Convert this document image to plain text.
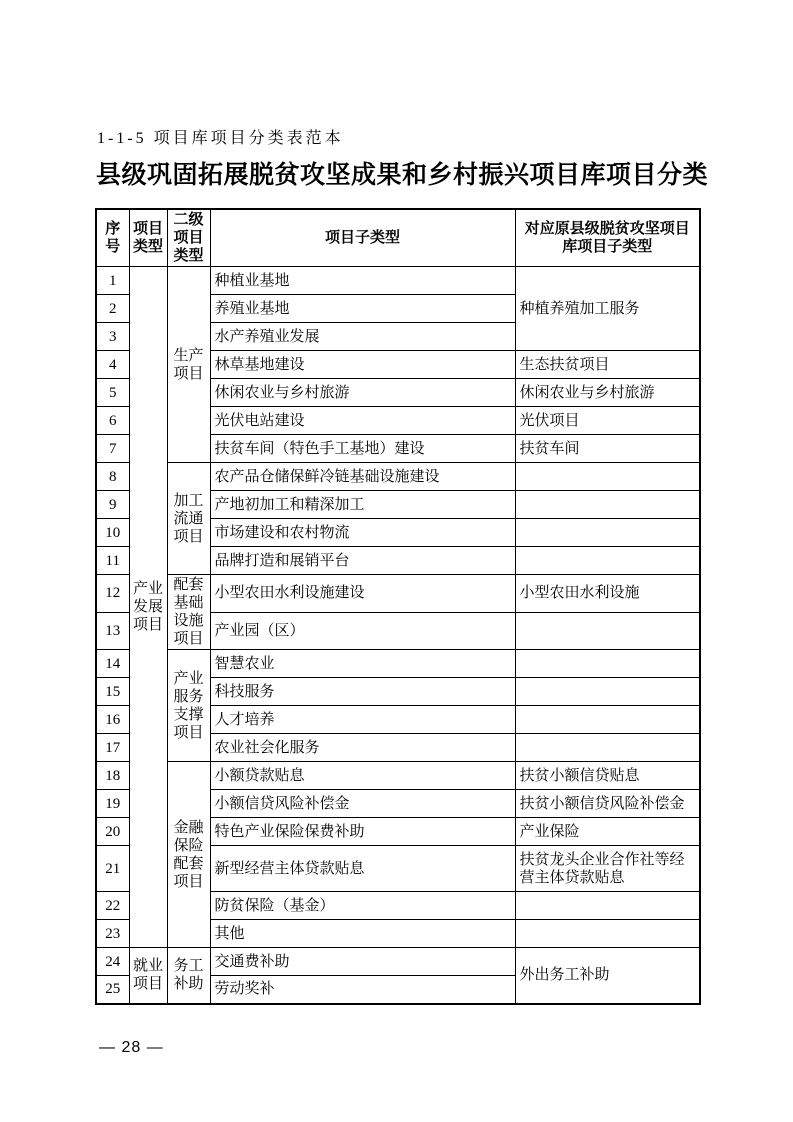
1-1-5 项目库项目分类表范本
县级巩固拓展脱贫攻坚成果和乡村振兴项目库项目分类
序号	项目类型	二级项目类型	项目子类型	对应原县级脱贫攻坚项目库项目子类型
1	产业发展项目	生产项目	种植业基地	种植养殖加工服务
2			养殖业基地	
3			水产养殖业发展	
4			林草基地建设	生态扶贫项目
5			休闲农业与乡村旅游	休闲农业与乡村旅游
6			光伏电站建设	光伏项目
7			扶贫车间（特色手工基地）建设	扶贫车间
8		加工流通项目	农产品仓储保鲜冷链基础设施建设	
9			产地初加工和精深加工	
10			市场建设和农村物流	
11			品牌打造和展销平台	
12		配套基础设施项目	小型农田水利设施建设	小型农田水利设施
13			产业园（区）	
14		产业服务支撑项目	智慧农业	
15			科技服务	
16			人才培养	
17			农业社会化服务	
18		金融保险配套项目	小额贷款贴息	扶贫小额信贷贴息
19			小额信贷风险补偿金	扶贫小额信贷风险补偿金
20			特色产业保险保费补助	产业保险
21			新型经营主体贷款贴息	扶贫龙头企业合作社等经营主体贷款贴息
22			防贫保险（基金）	
23			其他	
24	就业项目	务工补助	交通费补助	外出务工补助
25			劳动奖补	
— 28 —
